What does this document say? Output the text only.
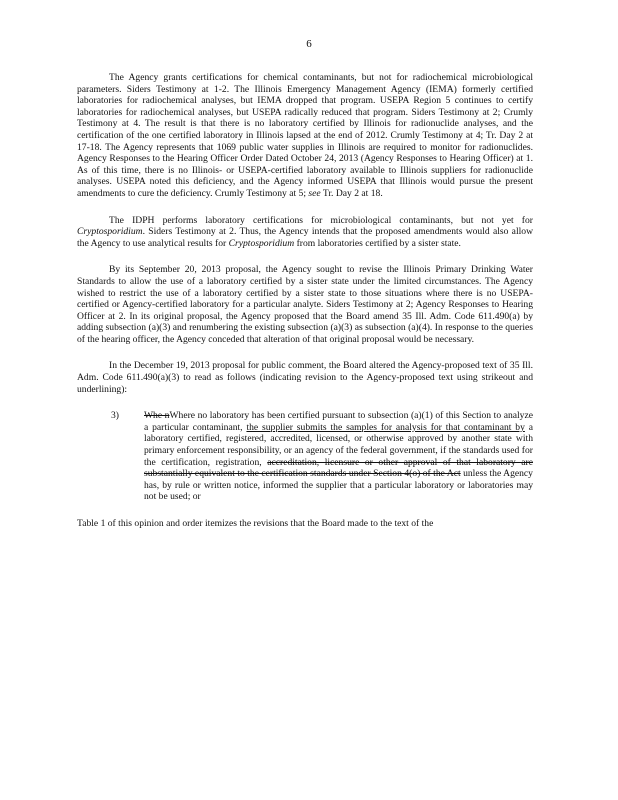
6

The Agency grants certifications for chemical contaminants, but not for radiochemical microbiological parameters. Siders Testimony at 1-2. The Illinois Emergency Management Agency (IEMA) formerly certified laboratories for radiochemical analyses, but IEMA dropped that program. USEPA Region 5 continues to certify laboratories for radiochemical analyses, but USEPA radically reduced that program. Siders Testimony at 2; Crumly Testimony at 4. The result is that there is no laboratory certified by Illinois for radionuclide analyses, and the certification of the one certified laboratory in Illinois lapsed at the end of 2012. Crumly Testimony at 4; Tr. Day 2 at 17-18. The Agency represents that 1069 public water supplies in Illinois are required to monitor for radionuclides. Agency Responses to the Hearing Officer Order Dated October 24, 2013 (Agency Responses to Hearing Officer) at 1. As of this time, there is no Illinois- or USEPA-certified laboratory available to Illinois suppliers for radionuclide analyses. USEPA noted this deficiency, and the Agency informed USEPA that Illinois would pursue the present amendments to cure the deficiency. Crumly Testimony at 5; see Tr. Day 2 at 18.

The IDPH performs laboratory certifications for microbiological contaminants, but not yet for Cryptosporidium. Siders Testimony at 2. Thus, the Agency intends that the proposed amendments would also allow the Agency to use analytical results for Cryptosporidium from laboratories certified by a sister state.

By its September 20, 2013 proposal, the Agency sought to revise the Illinois Primary Drinking Water Standards to allow the use of a laboratory certified by a sister state under the limited circumstances. The Agency wished to restrict the use of a laboratory certified by a sister state to those situations where there is no USEPA-certified or Agency-certified laboratory for a particular analyte. Siders Testimony at 2; Agency Responses to Hearing Officer at 2. In its original proposal, the Agency proposed that the Board amend 35 Ill. Adm. Code 611.490(a) by adding subsection (a)(3) and renumbering the existing subsection (a)(3) as subsection (a)(4). In response to the queries of the hearing officer, the Agency conceded that alteration of that original proposal would be necessary.

In the December 19, 2013 proposal for public comment, the Board altered the Agency-proposed text of 35 Ill. Adm. Code 611.490(a)(3) to read as follows (indicating revision to the Agency-proposed text using strikeout and underlining):

3)	Whe nWhere no laboratory has been certified pursuant to subsection (a)(1) of this Section to analyze a particular contaminant, the supplier submits the samples for analysis for that contaminant by a laboratory certified, registered, accredited, licensed, or otherwise approved by another state with primary enforcement responsibility, or an agency of the federal government, if the standards used for the certification, registration, accreditation, licensure or other approval of that laboratory are substantially equivalent to the certification standards under Section 4(o) of the Act unless the Agency has, by rule or written notice, informed the supplier that a particular laboratory or laboratories may not be used; or

Table 1 of this opinion and order itemizes the revisions that the Board made to the text of the
